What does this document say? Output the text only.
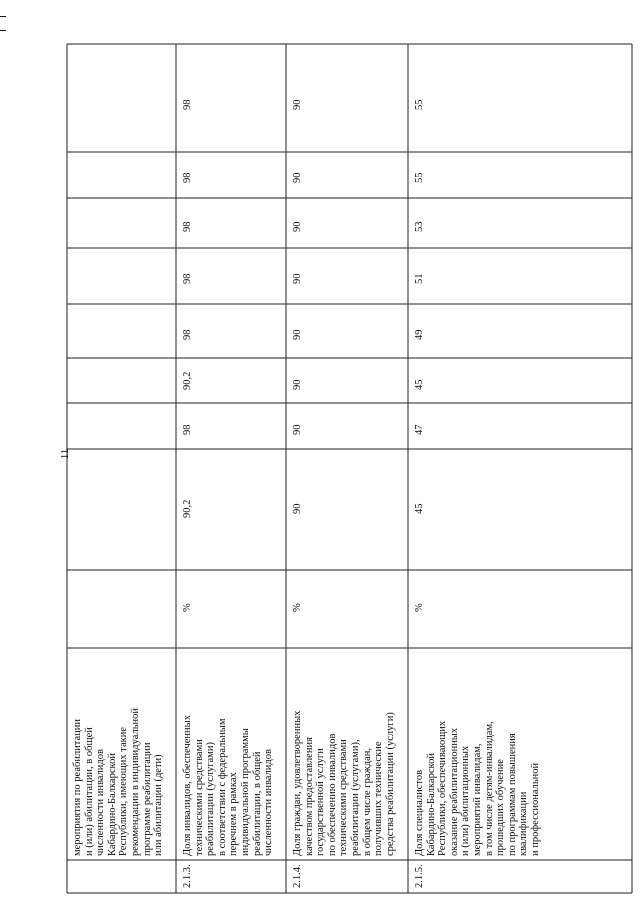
11
мероприятия по реабилитации
и (или) абилитации, в общей
численности инвалидов
Кабардино-Балкарской
Республики, имеющих такие
рекомендации в индивидуальной
программе реабилитации
или абилитации (дети)
2.1.3.
Доля инвалидов, обеспеченных
техническими средствами
реабилитации (услугами)
в соответствии с федеральным
перечнем в рамках
индивидуальной программы
реабилитации, в общей
численности инвалидов
%
90,2
98
90,2
98
98
98
98
98
2.1.4.
Доля граждан, удовлетворенных
качеством предоставления
государственной услуги
по обеспечению инвалидов
техническими средствами
реабилитации (услугами),
в общем числе граждан,
получивших технические
средства реабилитации (услуги)
%
90
90
90
90
90
90
90
90
2.1.5.
Доля специалистов
Кабардино-Балкарской
Республики, обеспечивающих
оказание реабилитационных
и (или) абилитационных
мероприятий инвалидам,
в том числе детям-инвалидам,
прошедших обучение
по программам повышения
квалификации
и профессиональной
%
45
47
45
49
51
53
55
55
